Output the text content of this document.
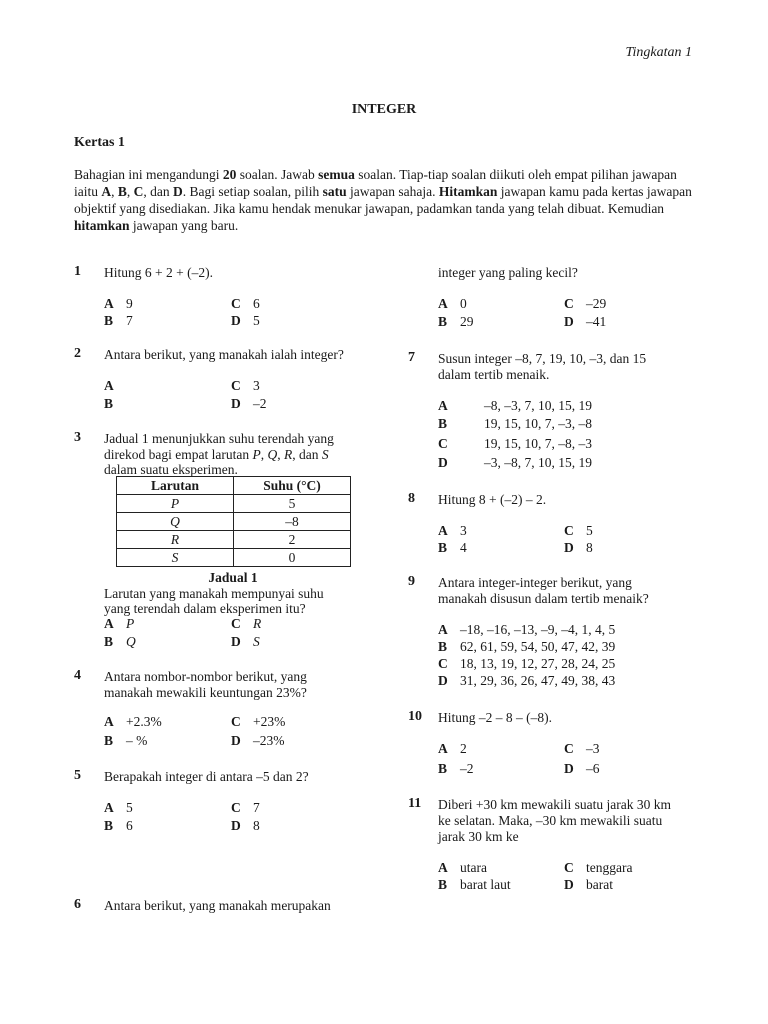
Tingkatan 1
INTEGER
Kertas 1
Bahagian ini mengandungi 20 soalan. Jawab semua soalan. Tiap-tiap soalan diikuti oleh empat pilihan jawapan iaitu A, B, C, dan D. Bagi setiap soalan, pilih satu jawapan sahaja. Hitamkan jawapan kamu pada kertas jawapan objektif yang disediakan. Jika kamu hendak menukar jawapan, padamkan tanda yang telah dibuat. Kemudian hitamkan jawapan yang baru.
1 Hitung 6 + 2 + (–2).
A 9
B 7
C 6
D 5
2 Antara berikut, yang manakah ialah integer?
A
B
C 3
D –2
3 Jadual 1 menunjukkan suhu terendah yang
direkod bagi empat larutan P, Q, R, dan S
dalam suatu eksperimen.
Larutan	Suhu (°C)
P	5
Q	–8
R	2
S	0
Jadual 1
Larutan yang manakah mempunyai suhu
yang terendah dalam eksperimen itu?
A P
B Q
C R
D S
4 Antara nombor-nombor berikut, yang
manakah mewakili keuntungan 23%?
A +2.3%
B – %
C +23%
D –23%
5 Berapakah integer di antara –5 dan 2?
A 5
B 6
C 7
D 8
6 Antara berikut, yang manakah merupakan
integer yang paling kecil?
A 0
B 29
C –29
D –41
7 Susun integer –8, 7, 19, 10, –3, dan 15
dalam tertib menaik.
A	–8, –3, 7, 10, 15, 19
B	19, 15, 10, 7, –3, –8
C	19, 15, 10, 7, –8, –3
D	–3, –8, 7, 10, 15, 19
8 Hitung 8 + (–2) – 2.
A 3
B 4
C 5
D 8
9 Antara integer-integer berikut, yang
manakah disusun dalam tertib menaik?
A –18, –16, –13, –9, –4, 1, 4, 5
B 62, 61, 59, 54, 50, 47, 42, 39
C 18, 13, 19, 12, 27, 28, 24, 25
D 31, 29, 36, 26, 47, 49, 38, 43
10 Hitung –2 – 8 – (–8).
A 2
B –2
C –3
D –6
11 Diberi +30 km mewakili suatu jarak 30 km
ke selatan. Maka, –30 km mewakili suatu
jarak 30 km ke
A utara
B barat laut
C tenggara
D barat
